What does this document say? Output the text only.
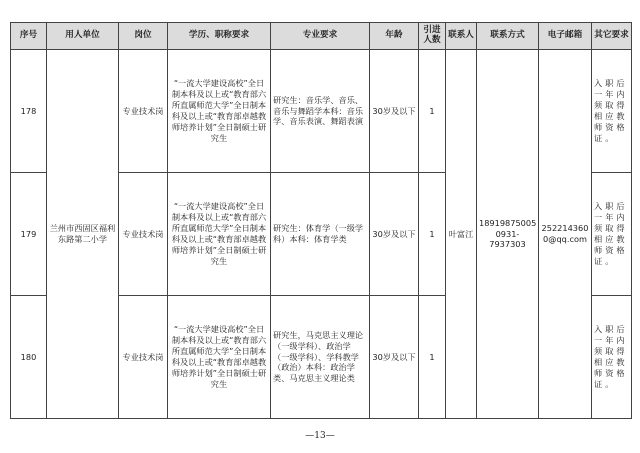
序号	用人单位	岗位	学历、职称要求	专业要求	年龄	引进人数	联系人	联系方式	电子邮箱	其它要求
178	兰州市西固区福利东路第二小学	专业技术岗	“一流大学建设高校”全日制本科及以上或“教育部六所直属师范大学”全日制本科及以上或“教育部卓越教师培养计划”全日制硕士研究生	研究生：音乐学、音乐、音乐与舞蹈学本科：音乐学、音乐表演、舞蹈表演	30岁及以下	1	叶富江	18919875005 0931-7937303	2522143600@qq.com	入职后一年内须取得相应教师资格证。
179		专业技术岗	“一流大学建设高校”全日制本科及以上或“教育部六所直属师范大学”全日制本科及以上或“教育部卓越教师培养计划”全日制硕士研究生	研究生：体育学（一级学科）本科：体育学类	30岁及以下	1				入职后一年内须取得相应教师资格证。
180		专业技术岗	“一流大学建设高校”全日制本科及以上或“教育部六所直属师范大学”全日制本科及以上或“教育部卓越教师培养计划”全日制硕士研究生	研究生，马克思主义理论（一级学科）、政治学（一级学科）、学科教学（政治）本科：政治学类、马克思主义理论类	30岁及以下	1				入职后一年内须取得相应教师资格证。
—13—
